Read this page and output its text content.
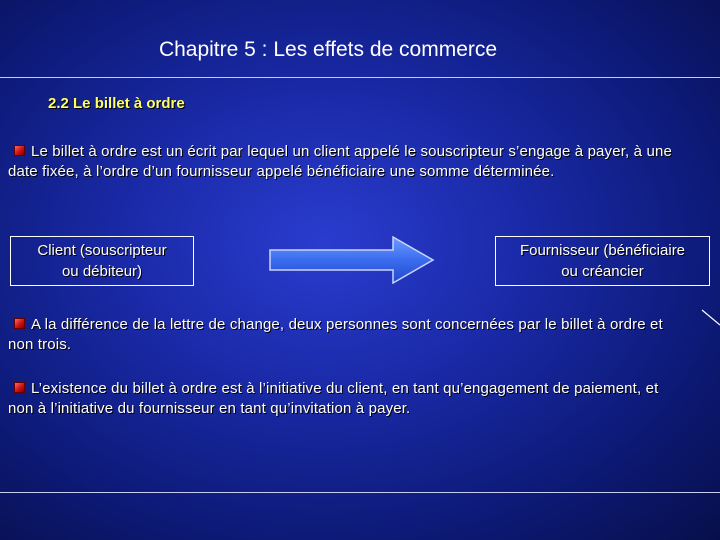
Chapitre 5 : Les effets de commerce
2.2 Le billet à ordre
Le billet à ordre est un écrit par lequel un client appelé le souscripteur s’engage à payer, à une date fixée, à l’ordre d’un fournisseur appelé bénéficiaire une somme déterminée.
Client (souscripteur
ou débiteur)
Fournisseur (bénéficiaire
ou créancier
A la différence de la lettre de change, deux personnes sont concernées par le billet à ordre et non trois.
L’existence du billet à ordre est à l’initiative du client, en tant qu’engagement de paiement, et non à l’initiative du fournisseur en tant qu’invitation à payer.
